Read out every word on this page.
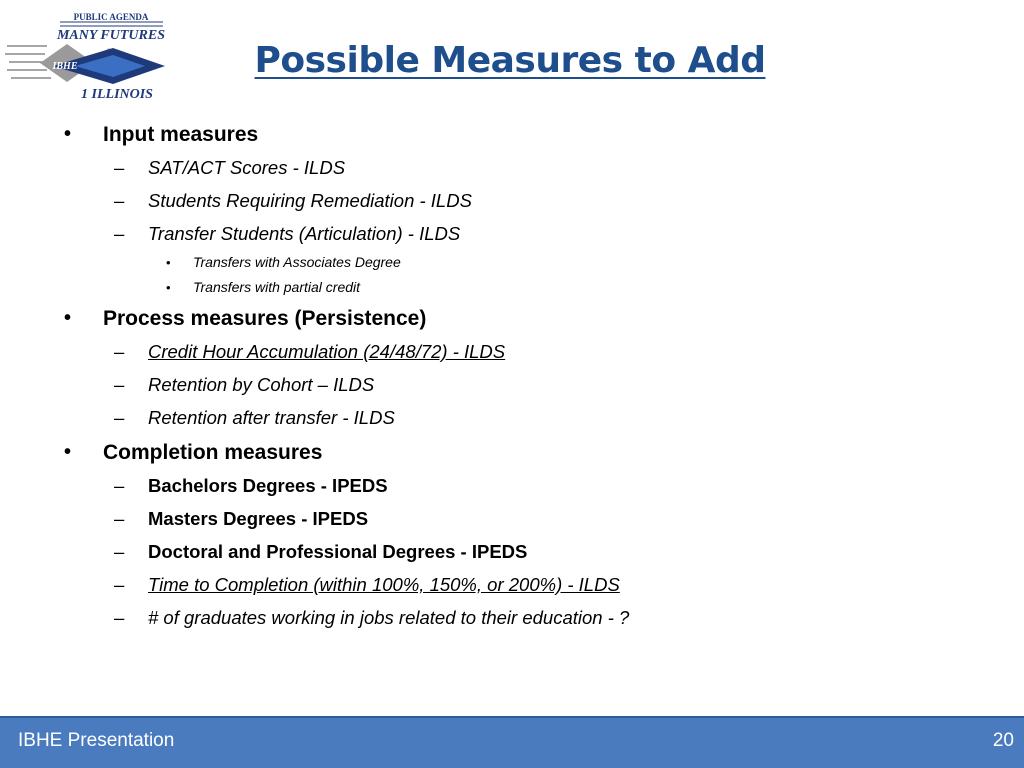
PUBLIC AGENDA
MANY FUTURES
IBHE
1 ILLINOIS
Possible Measures to Add
• Input measures
– SAT/ACT Scores - ILDS
– Students Requiring Remediation - ILDS
– Transfer Students (Articulation) - ILDS
• Transfers with Associates Degree
• Transfers with partial credit
• Process measures (Persistence)
– Credit Hour Accumulation (24/48/72) - ILDS
– Retention by Cohort – ILDS
– Retention after transfer - ILDS
• Completion measures
– Bachelors Degrees - IPEDS
– Masters Degrees - IPEDS
– Doctoral and Professional Degrees - IPEDS
– Time to Completion (within 100%, 150%, or 200%) - ILDS
– # of graduates working in jobs related to their education - ?
IBHE Presentation	20
